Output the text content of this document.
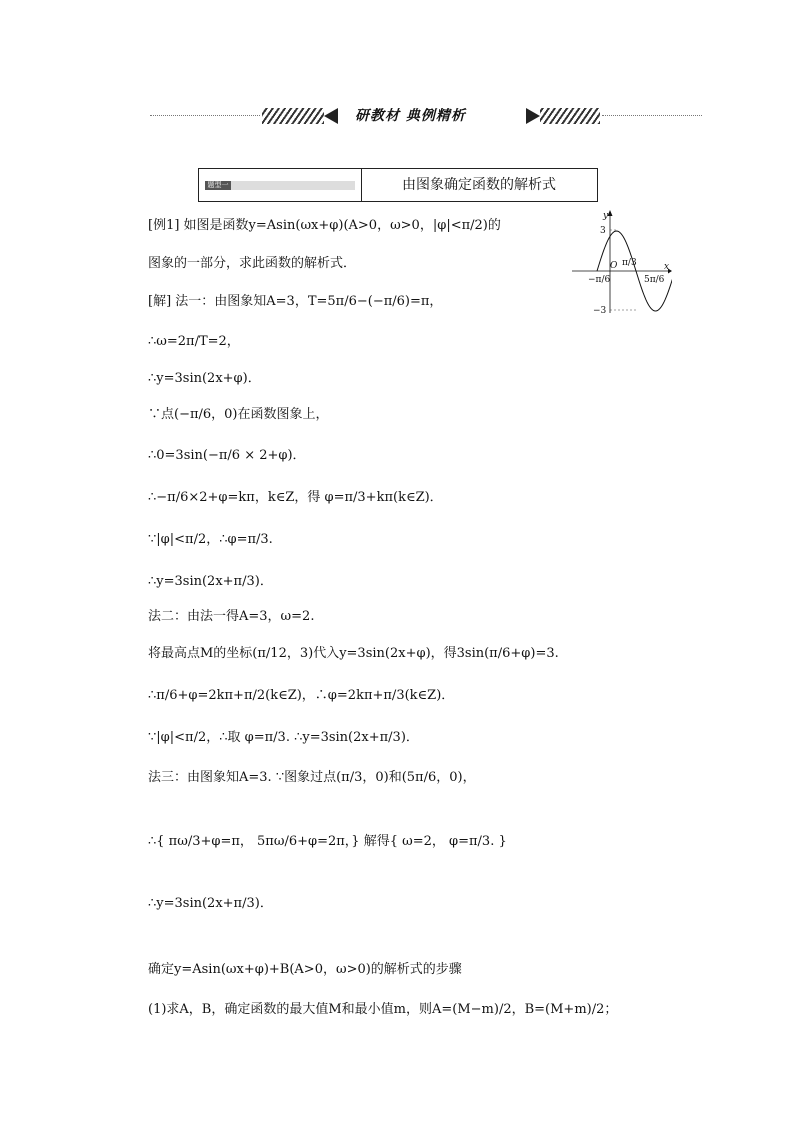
研教材 典例精析
题型一	由图象确定函数的解析式
y
x
3
−3
O
−π/6
π/3
5π/6
[例1] 如图是函数y=Asin(ωx+φ)(A>0，ω>0，|φ|<π/2)的
图象的一部分，求此函数的解析式．
[解] 法一：由图象知A=3，T=5π/6−(−π/6)=π，
∴ω=2π/T=2，
∴y=3sin(2x+φ)．
∵点(−π/6，0)在函数图象上，
∴0=3sin(−π/6 × 2+φ)．
∴−π/6×2+φ=kπ，k∈Z，得 φ=π/3+kπ(k∈Z)．
∵|φ|<π/2，∴φ=π/3.
∴y=3sin(2x+π/3)．
法二：由法一得A=3，ω=2.
将最高点M的坐标(π/12，3)代入y=3sin(2x+φ)，得3sin(π/6+φ)=3.
∴π/6+φ=2kπ+π/2(k∈Z)，∴φ=2kπ+π/3(k∈Z)．
∵|φ|<π/2，∴取 φ=π/3. ∴y=3sin(2x+π/3)．
法三：由图象知A=3. ∵图象过点(π/3，0)和(5π/6，0)，
∴{ πω/3+φ=π， 5πω/6+φ=2π，} 解得{ ω=2， φ=π/3. }
∴y=3sin(2x+π/3)．
确定y=Asin(ωx+φ)+B(A>0，ω>0)的解析式的步骤
(1)求A，B，确定函数的最大值M和最小值m，则A=(M−m)/2，B=(M+m)/2；
